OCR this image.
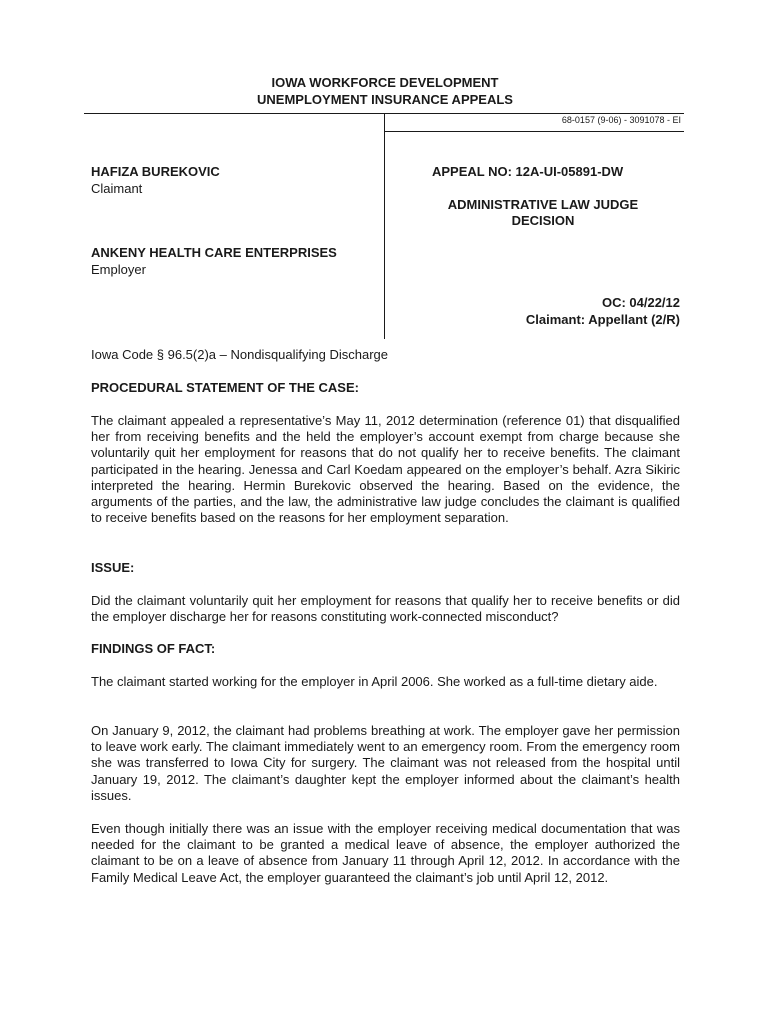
IOWA WORKFORCE DEVELOPMENT
UNEMPLOYMENT INSURANCE APPEALS
68-0157 (9-06) - 3091078 - EI
HAFIZA BUREKOVIC
Claimant
ANKENY HEALTH CARE ENTERPRISES
Employer
APPEAL NO: 12A-UI-05891-DW
ADMINISTRATIVE LAW JUDGE
DECISION
OC: 04/22/12
Claimant: Appellant (2/R)
Iowa Code § 96.5(2)a – Nondisqualifying Discharge
PROCEDURAL STATEMENT OF THE CASE:
The claimant appealed a representative’s May 11, 2012 determination (reference 01) that disqualified her from receiving benefits and the held the employer’s account exempt from charge because she voluntarily quit her employment for reasons that do not qualify her to receive benefits. The claimant participated in the hearing. Jenessa and Carl Koedam appeared on the employer’s behalf. Azra Sikiric interpreted the hearing. Hermin Burekovic observed the hearing. Based on the evidence, the arguments of the parties, and the law, the administrative law judge concludes the claimant is qualified to receive benefits based on the reasons for her employment separation.
ISSUE:
Did the claimant voluntarily quit her employment for reasons that qualify her to receive benefits or did the employer discharge her for reasons constituting work-connected misconduct?
FINDINGS OF FACT:
The claimant started working for the employer in April 2006. She worked as a full-time dietary aide.
On January 9, 2012, the claimant had problems breathing at work. The employer gave her permission to leave work early. The claimant immediately went to an emergency room. From the emergency room she was transferred to Iowa City for surgery. The claimant was not released from the hospital until January 19, 2012. The claimant’s daughter kept the employer informed about the claimant’s health issues.
Even though initially there was an issue with the employer receiving medical documentation that was needed for the claimant to be granted a medical leave of absence, the employer authorized the claimant to be on a leave of absence from January 11 through April 12, 2012. In accordance with the Family Medical Leave Act, the employer guaranteed the claimant’s job until April 12, 2012.
